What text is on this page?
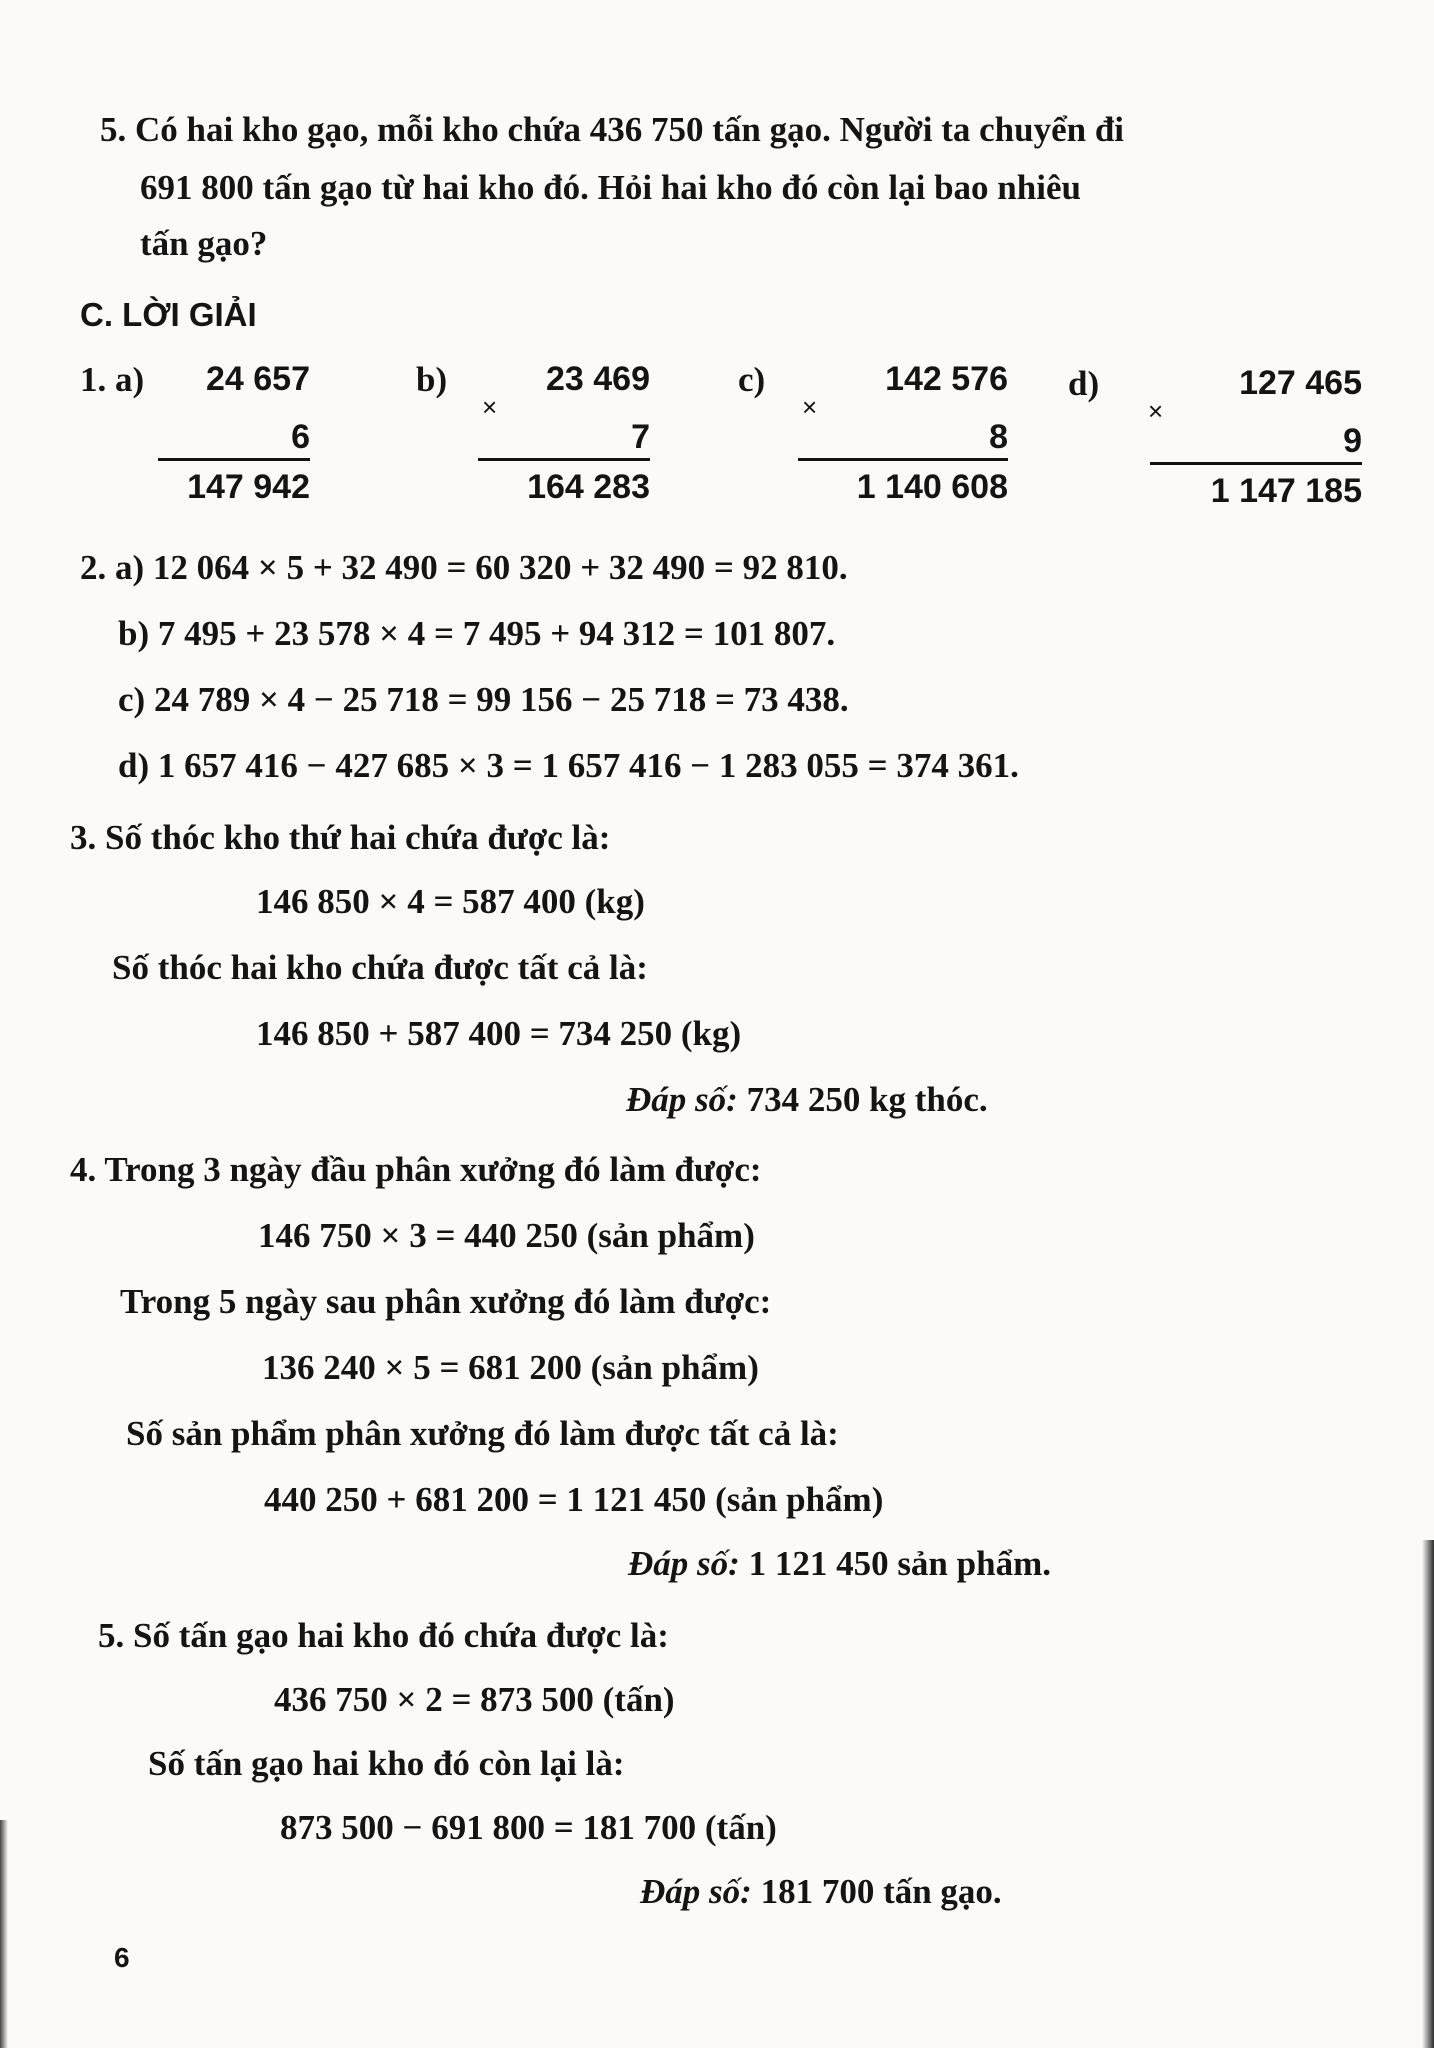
5. Có hai kho gạo, mỗi kho chứa 436 750 tấn gạo. Người ta chuyển đi
691 800 tấn gạo từ hai kho đó. Hỏi hai kho đó còn lại bao nhiêu
tấn gạo?
C. LỜI GIẢI
1. a)	24 657
6
147 942
b)
×
23 469
7
164 283
c)
×
142 576
8
1 140 608
d)
×
127 465
9
1 147 185
2. a) 12 064 × 5 + 32 490 = 60 320 + 32 490 = 92 810.
b) 7 495 + 23 578 × 4 = 7 495 + 94 312 = 101 807.
c) 24 789 × 4 − 25 718 = 99 156 − 25 718 = 73 438.
d) 1 657 416 − 427 685 × 3 = 1 657 416 − 1 283 055 = 374 361.
3. Số thóc kho thứ hai chứa được là:
146 850 × 4 = 587 400 (kg)
Số thóc hai kho chứa được tất cả là:
146 850 + 587 400 = 734 250 (kg)
Đáp số: 734 250 kg thóc.
4. Trong 3 ngày đầu phân xưởng đó làm được:
146 750 × 3 = 440 250 (sản phẩm)
Trong 5 ngày sau phân xưởng đó làm được:
136 240 × 5 = 681 200 (sản phẩm)
Số sản phẩm phân xưởng đó làm được tất cả là:
440 250 + 681 200 = 1 121 450 (sản phẩm)
Đáp số: 1 121 450 sản phẩm.
5. Số tấn gạo hai kho đó chứa được là:
436 750 × 2 = 873 500 (tấn)
Số tấn gạo hai kho đó còn lại là:
873 500 − 691 800 = 181 700 (tấn)
Đáp số: 181 700 tấn gạo.
6
